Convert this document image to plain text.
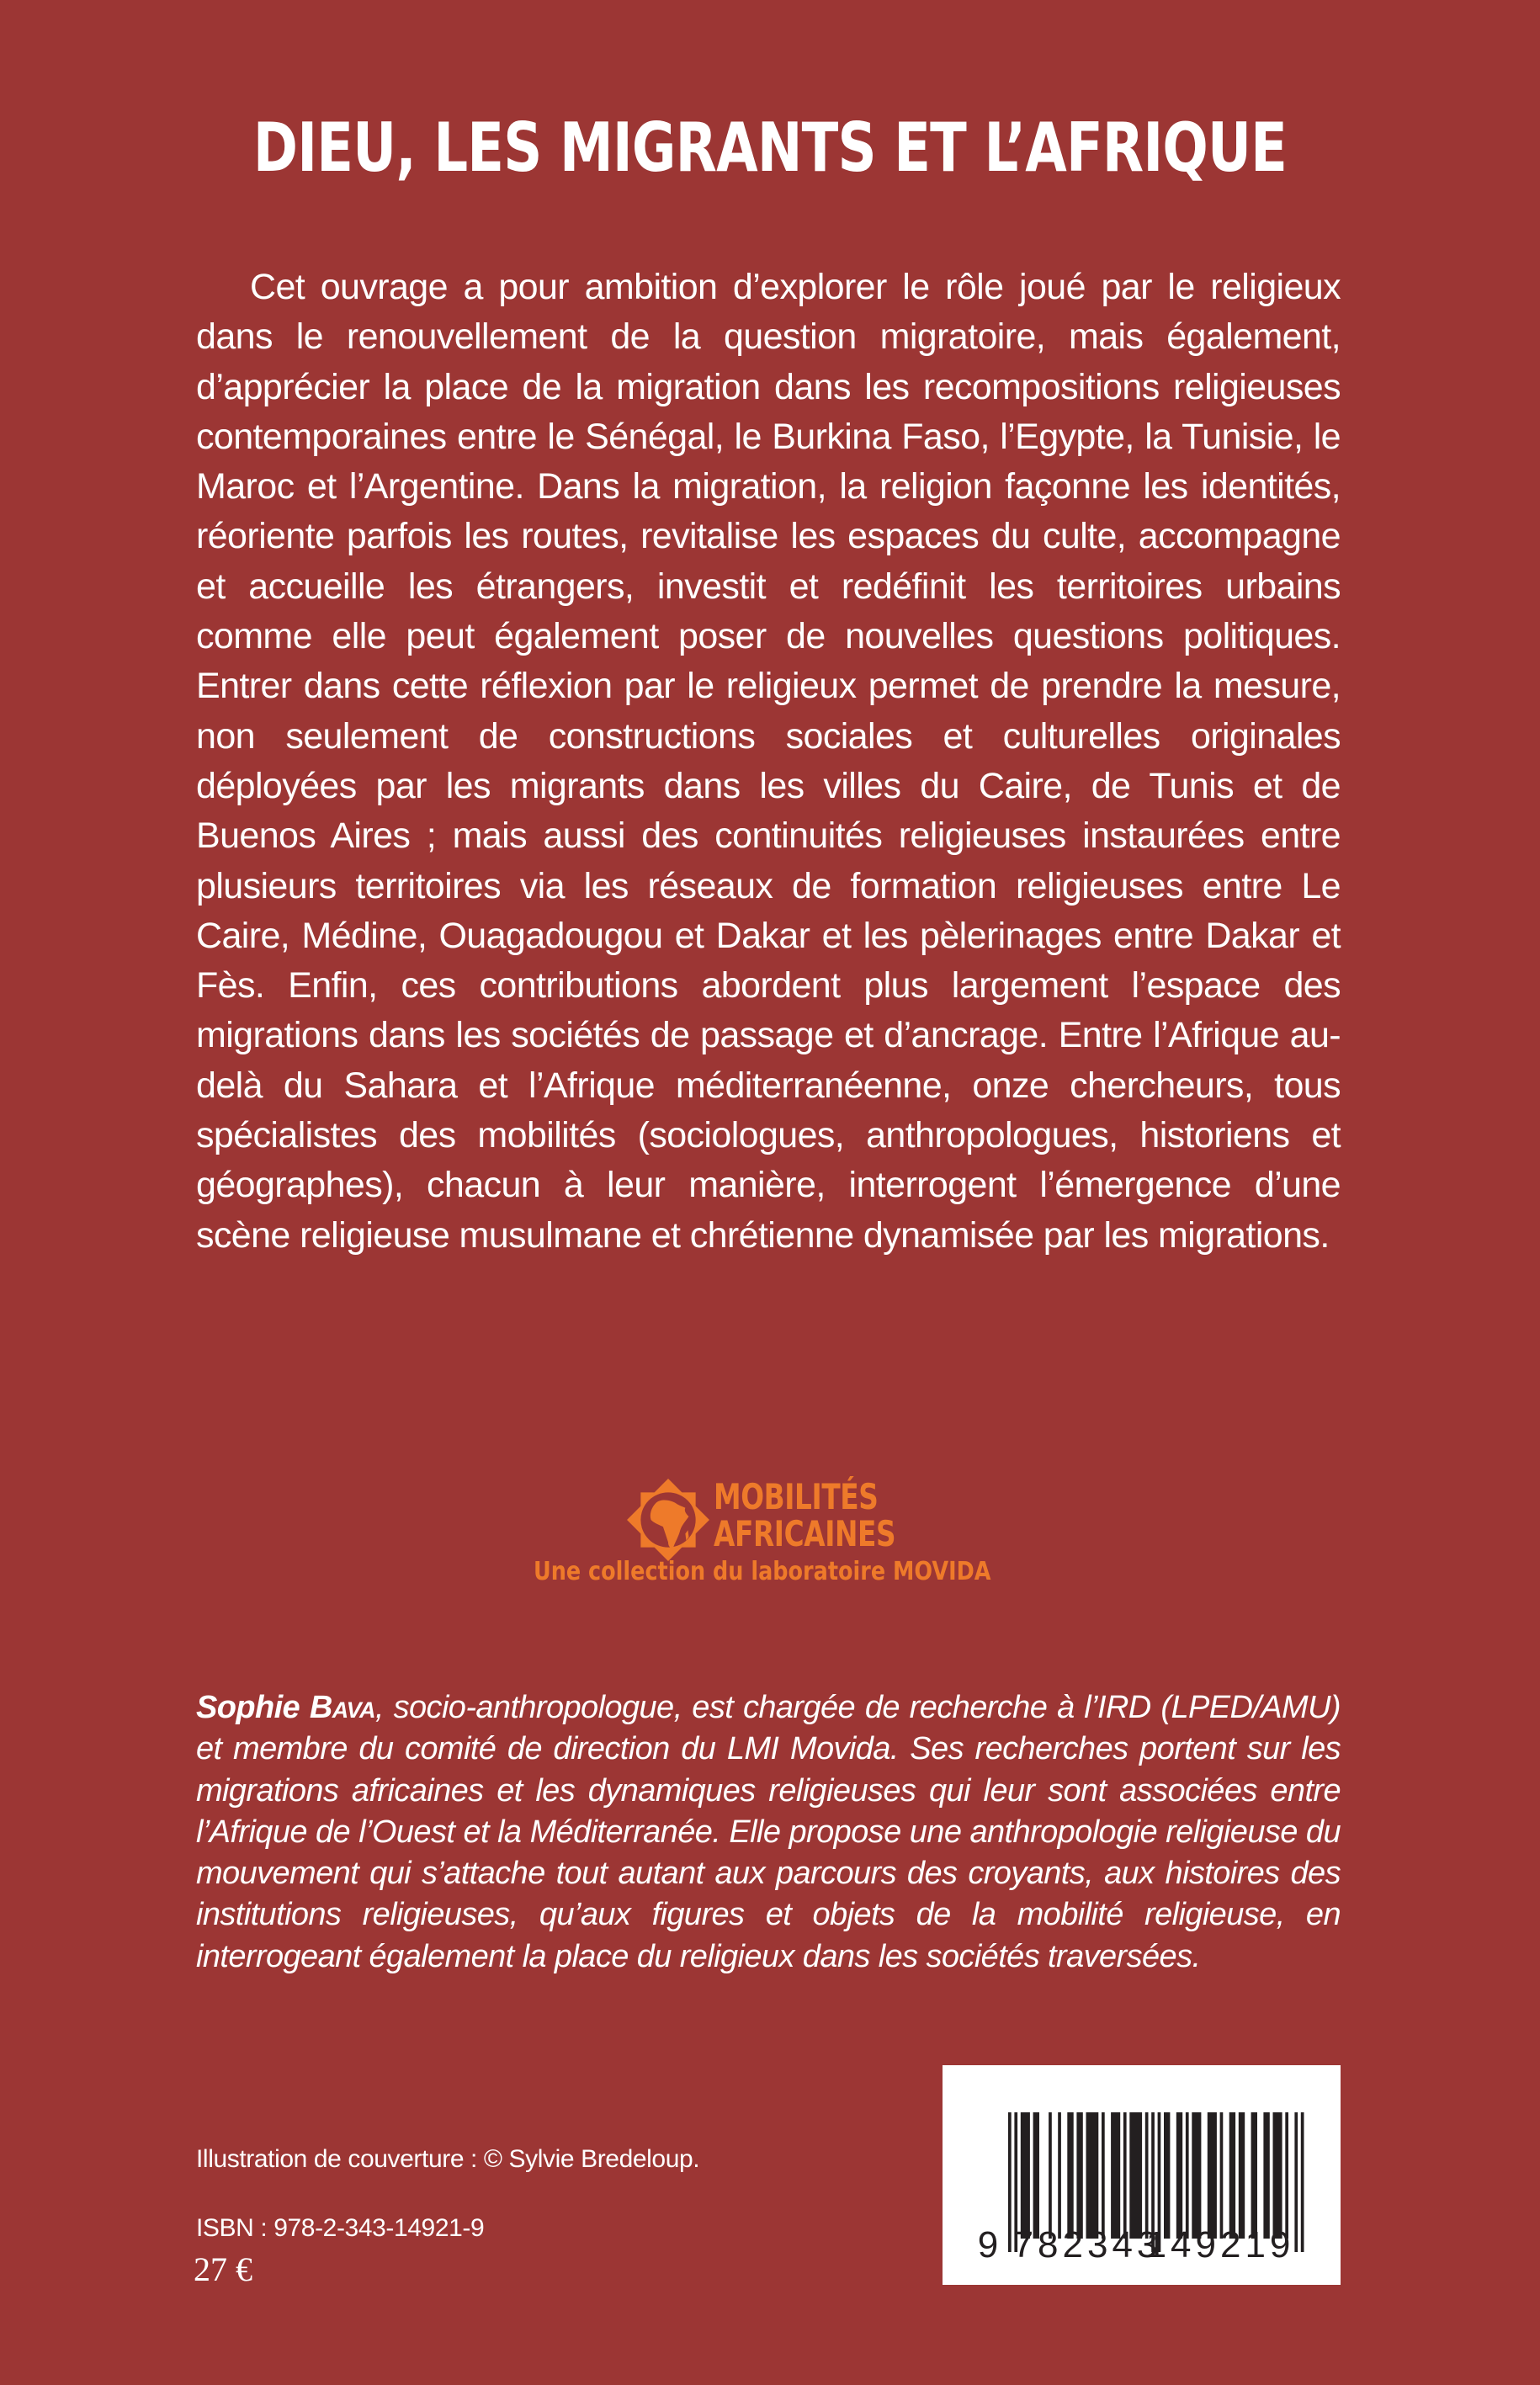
DIEU, LES MIGRANTS ET L’AFRIQUE

Cet ouvrage a pour ambition d’explorer le rôle joué par le religieux dans le renouvellement de la question migratoire, mais également, d’apprécier la place de la migration dans les recompositions religieuses contemporaines entre le Sénégal, le Burkina Faso, l’Egypte, la Tunisie, le Maroc et l’Argentine. Dans la migration, la religion façonne les identités, réoriente parfois les routes, revitalise les espaces du culte, accompagne et accueille les étrangers, investit et redéfinit les territoires urbains comme elle peut également poser de nouvelles questions politiques. Entrer dans cette réflexion par le religieux permet de prendre la mesure, non seulement de constructions sociales et culturelles originales déployées par les migrants dans les villes du Caire, de Tunis et de Buenos Aires ; mais aussi des continuités religieuses instaurées entre plusieurs territoires via les réseaux de formation religieuses entre Le Caire, Médine, Ouagadougou et Dakar et les pèlerinages entre Dakar et Fès. Enfin, ces contributions abordent plus largement l’espace des migrations dans les sociétés de passage et d’ancrage. Entre l’Afrique au-delà du Sahara et l’Afrique méditerranéenne, onze chercheurs, tous spécialistes des mobilités (sociologues, anthropologues, historiens et géographes), chacun à leur manière, interrogent l’émergence d’une scène religieuse musulmane et chrétienne dynamisée par les migrations.

MOBILITÉS
AFRICAINES
Une collection du laboratoire MOVIDA

Sophie Bava, socio-anthropologue, est chargée de recherche à l’IRD (LPED/AMU) et membre du comité de direction du LMI Movida. Ses recherches portent sur les migrations africaines et les dynamiques religieuses qui leur sont associées entre l’Afrique de l’Ouest et la Méditerranée. Elle propose une anthropologie religieuse du mouvement qui s’attache tout autant aux parcours des croyants, aux histoires des institutions religieuses, qu’aux figures et objets de la mobilité religieuse, en interrogeant également la place du religieux dans les sociétés traversées.

Illustration de couverture : © Sylvie Bredeloup.
ISBN : 978-2-343-14921-9
27 €
9 782343
149219
